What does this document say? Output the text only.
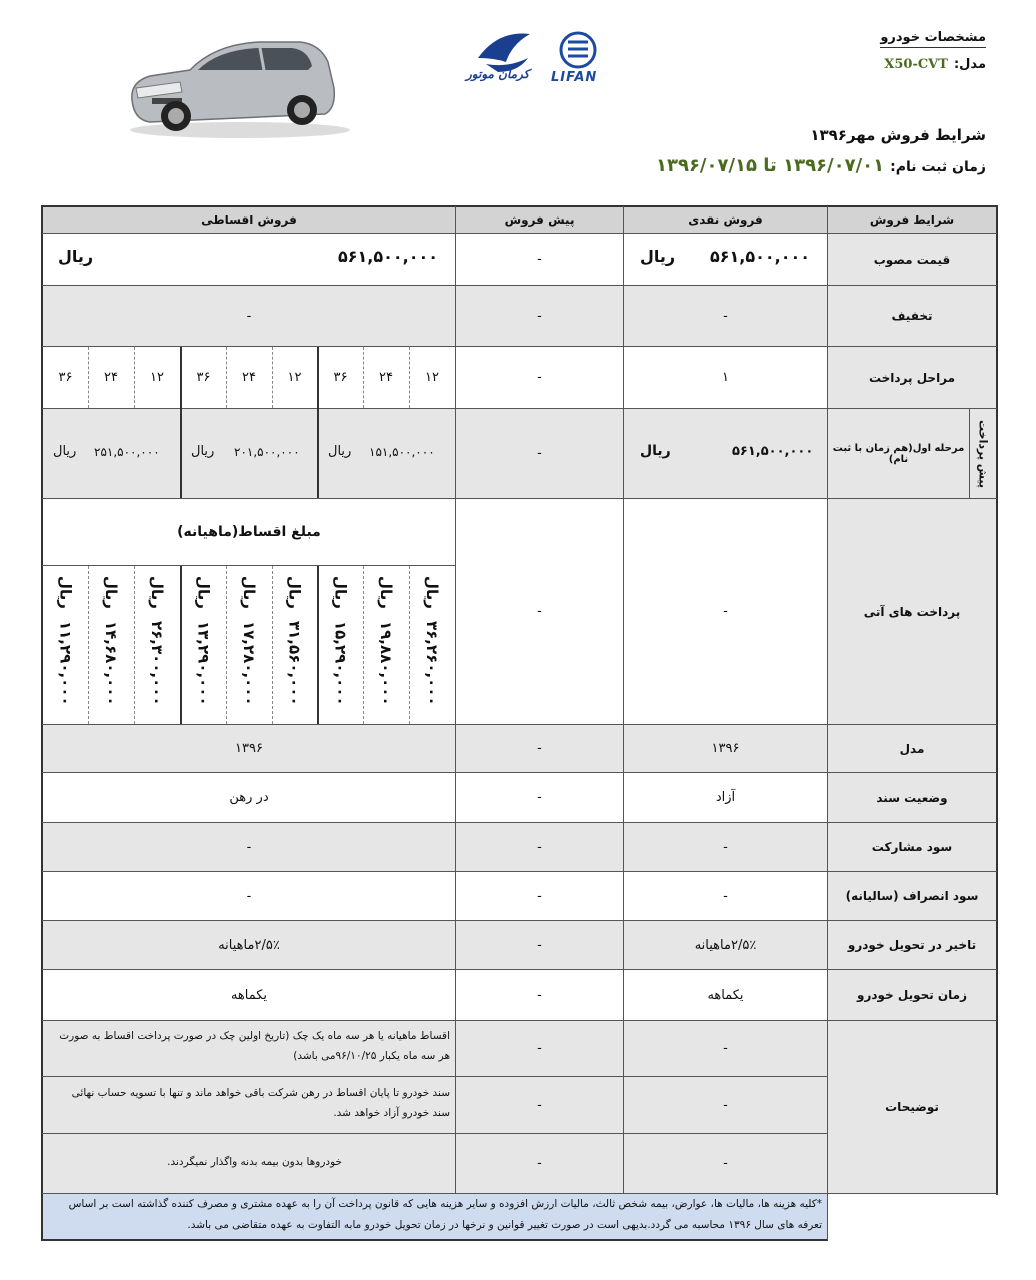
مشخصات خودرو
مدل:X50-CVT
شرایط فروش مهر۱۳۹۶
زمان ثبت نام:۱۳۹۶/۰۷/۰۱ تا ۱۳۹۶/۰۷/۱۵
کرمان موتور LIFAN
شرایط فروش
فروش نقدی
پیش فروش
فروش اقساطی
قیمت مصوب
۵۶۱,۵۰۰,۰۰۰
ریال
-
۵۶۱,۵۰۰,۰۰۰
ریال
تخفیف
-
-
-
مراحل پرداخت
۱
-
۱۲
۲۴
۳۶
۱۲
۲۴
۳۶
۱۲
۲۴
۳۶
پیش پرداخت
مرحله اول(هم زمان با ثبت نام)
۵۶۱,۵۰۰,۰۰۰
ریال
-
۱۵۱,۵۰۰,۰۰۰
ریال
۲۰۱,۵۰۰,۰۰۰
ریال
۲۵۱,۵۰۰,۰۰۰
ریال
پرداخت های آتی
-
-
مبلغ اقساط(ماهیانه)
ریال
۳۶,۲۶۰,۰۰۰
ریال
۱۹,۸۸۰,۰۰۰
ریال
۱۵,۲۹۰,۰۰۰
ریال
۳۱,۵۶۰,۰۰۰
ریال
۱۷,۲۸۰,۰۰۰
ریال
۱۳,۲۹۰,۰۰۰
ریال
۲۶,۳۰۰,۰۰۰
ریال
۱۴,۶۸۰,۰۰۰
ریال
۱۱,۲۹۰,۰۰۰
مدل
۱۳۹۶
-
۱۳۹۶
وضعیت سند
آزاد
-
در رهن
سود مشارکت
-
-
-
سود انصراف (سالیانه)
-
-
-
تاخیر در تحویل خودرو
۲/۵٪ماهیانه
-
۲/۵٪ماهیانه
زمان تحویل خودرو
یکماهه
-
یکماهه
توضیحات
-
-
-
-
-
-
اقساط ماهیانه یا هر سه ماه یک چک (تاریخ اولین چک در صورت پرداخت اقساط به صورت هر سه ماه یکبار ۹۶/۱۰/۲۵می باشد)
سند خودرو تا پایان اقساط در رهن شرکت باقی خواهد ماند و تنها با تسویه حساب نهائی سند خودرو آزاد خواهد شد.
خودروها بدون بیمه بدنه واگذار نمیگردند.
*کلیه هزینه ها، مالیات ها، عوارض، بیمه شخص ثالث، مالیات ارزش افزوده و سایر هزینه هایی که قانون پرداخت آن را به عهده مشتری و مصرف کننده گذاشته است بر اساس تعرفه های سال ۱۳۹۶ محاسبه می گردد.بدیهی است در صورت تغییر قوانین و نرخها در زمان تحویل خودرو مابه التفاوت به عهده متقاضی می باشد.
